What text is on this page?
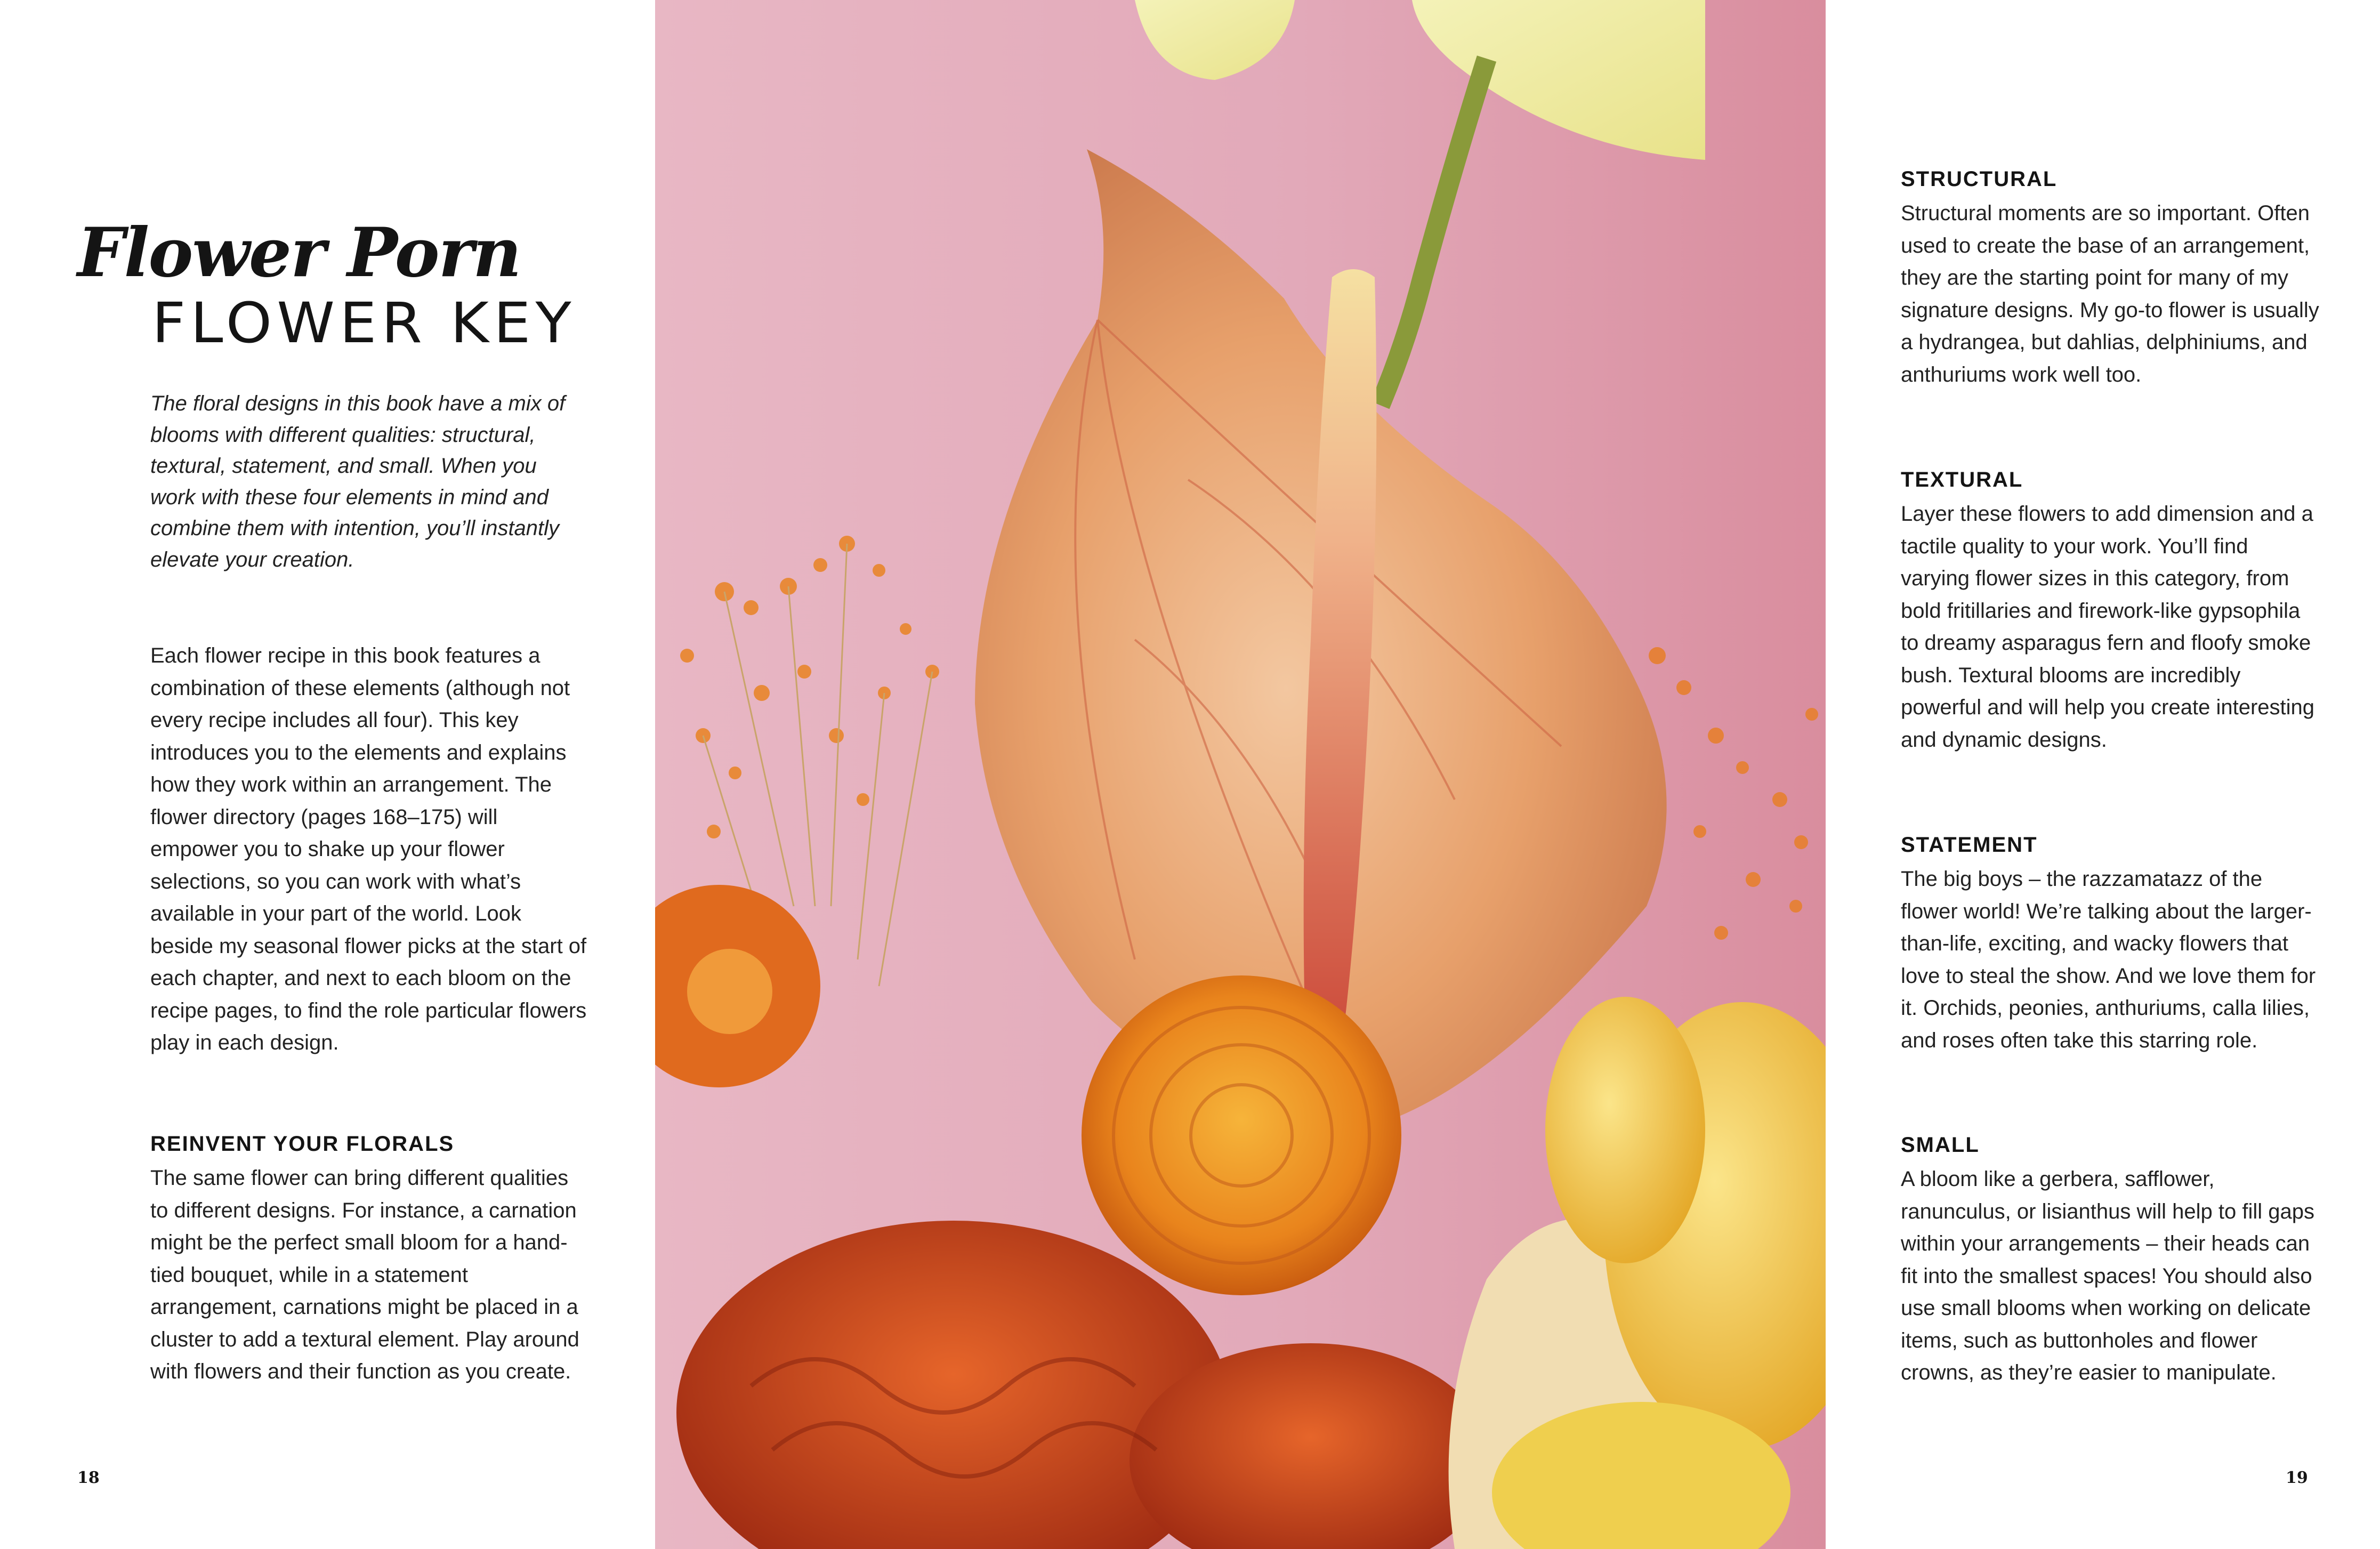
Flower Porn
FLOWER KEY

The floral designs in this book have a mix of blooms with different qualities: structural, textural, statement, and small. When you work with these four elements in mind and combine them with intention, you’ll instantly elevate your creation.

Each flower recipe in this book features a combination of these elements (although not every recipe includes all four). This key introduces you to the elements and explains how they work within an arrangement. The flower directory (pages 168–175) will empower you to shake up your flower selections, so you can work with what’s available in your part of the world. Look beside my seasonal flower picks at the start of each chapter, and next to each bloom on the recipe pages, to find the role particular flowers play in each design.

REINVENT YOUR FLORALS

The same flower can bring different qualities to different designs. For instance, a carnation might be the perfect small bloom for a hand-tied bouquet, while in a statement arrangement, carnations might be placed in a cluster to add a textural element. Play around with flowers and their function as you create.

18

STRUCTURAL

Structural moments are so important. Often used to create the base of an arrangement, they are the starting point for many of my signature designs. My go-to flower is usually a hydrangea, but dahlias, delphiniums, and anthuriums work well too.

TEXTURAL

Layer these flowers to add dimension and a tactile quality to your work. You’ll find varying flower sizes in this category, from bold fritillaries and firework-like gypsophila to dreamy asparagus fern and floofy smoke bush. Textural blooms are incredibly powerful and will help you create interesting and dynamic designs.

STATEMENT

The big boys – the razzamatazz of the flower world! We’re talking about the larger-than-life, exciting, and wacky flowers that love to steal the show. And we love them for it. Orchids, peonies, anthuriums, calla lilies, and roses often take this starring role.

SMALL

A bloom like a gerbera, safflower, ranunculus, or lisianthus will help to fill gaps within your arrangements – their heads can fit into the smallest spaces! You should also use small blooms when working on delicate items, such as buttonholes and flower crowns, as they’re easier to manipulate.

19
